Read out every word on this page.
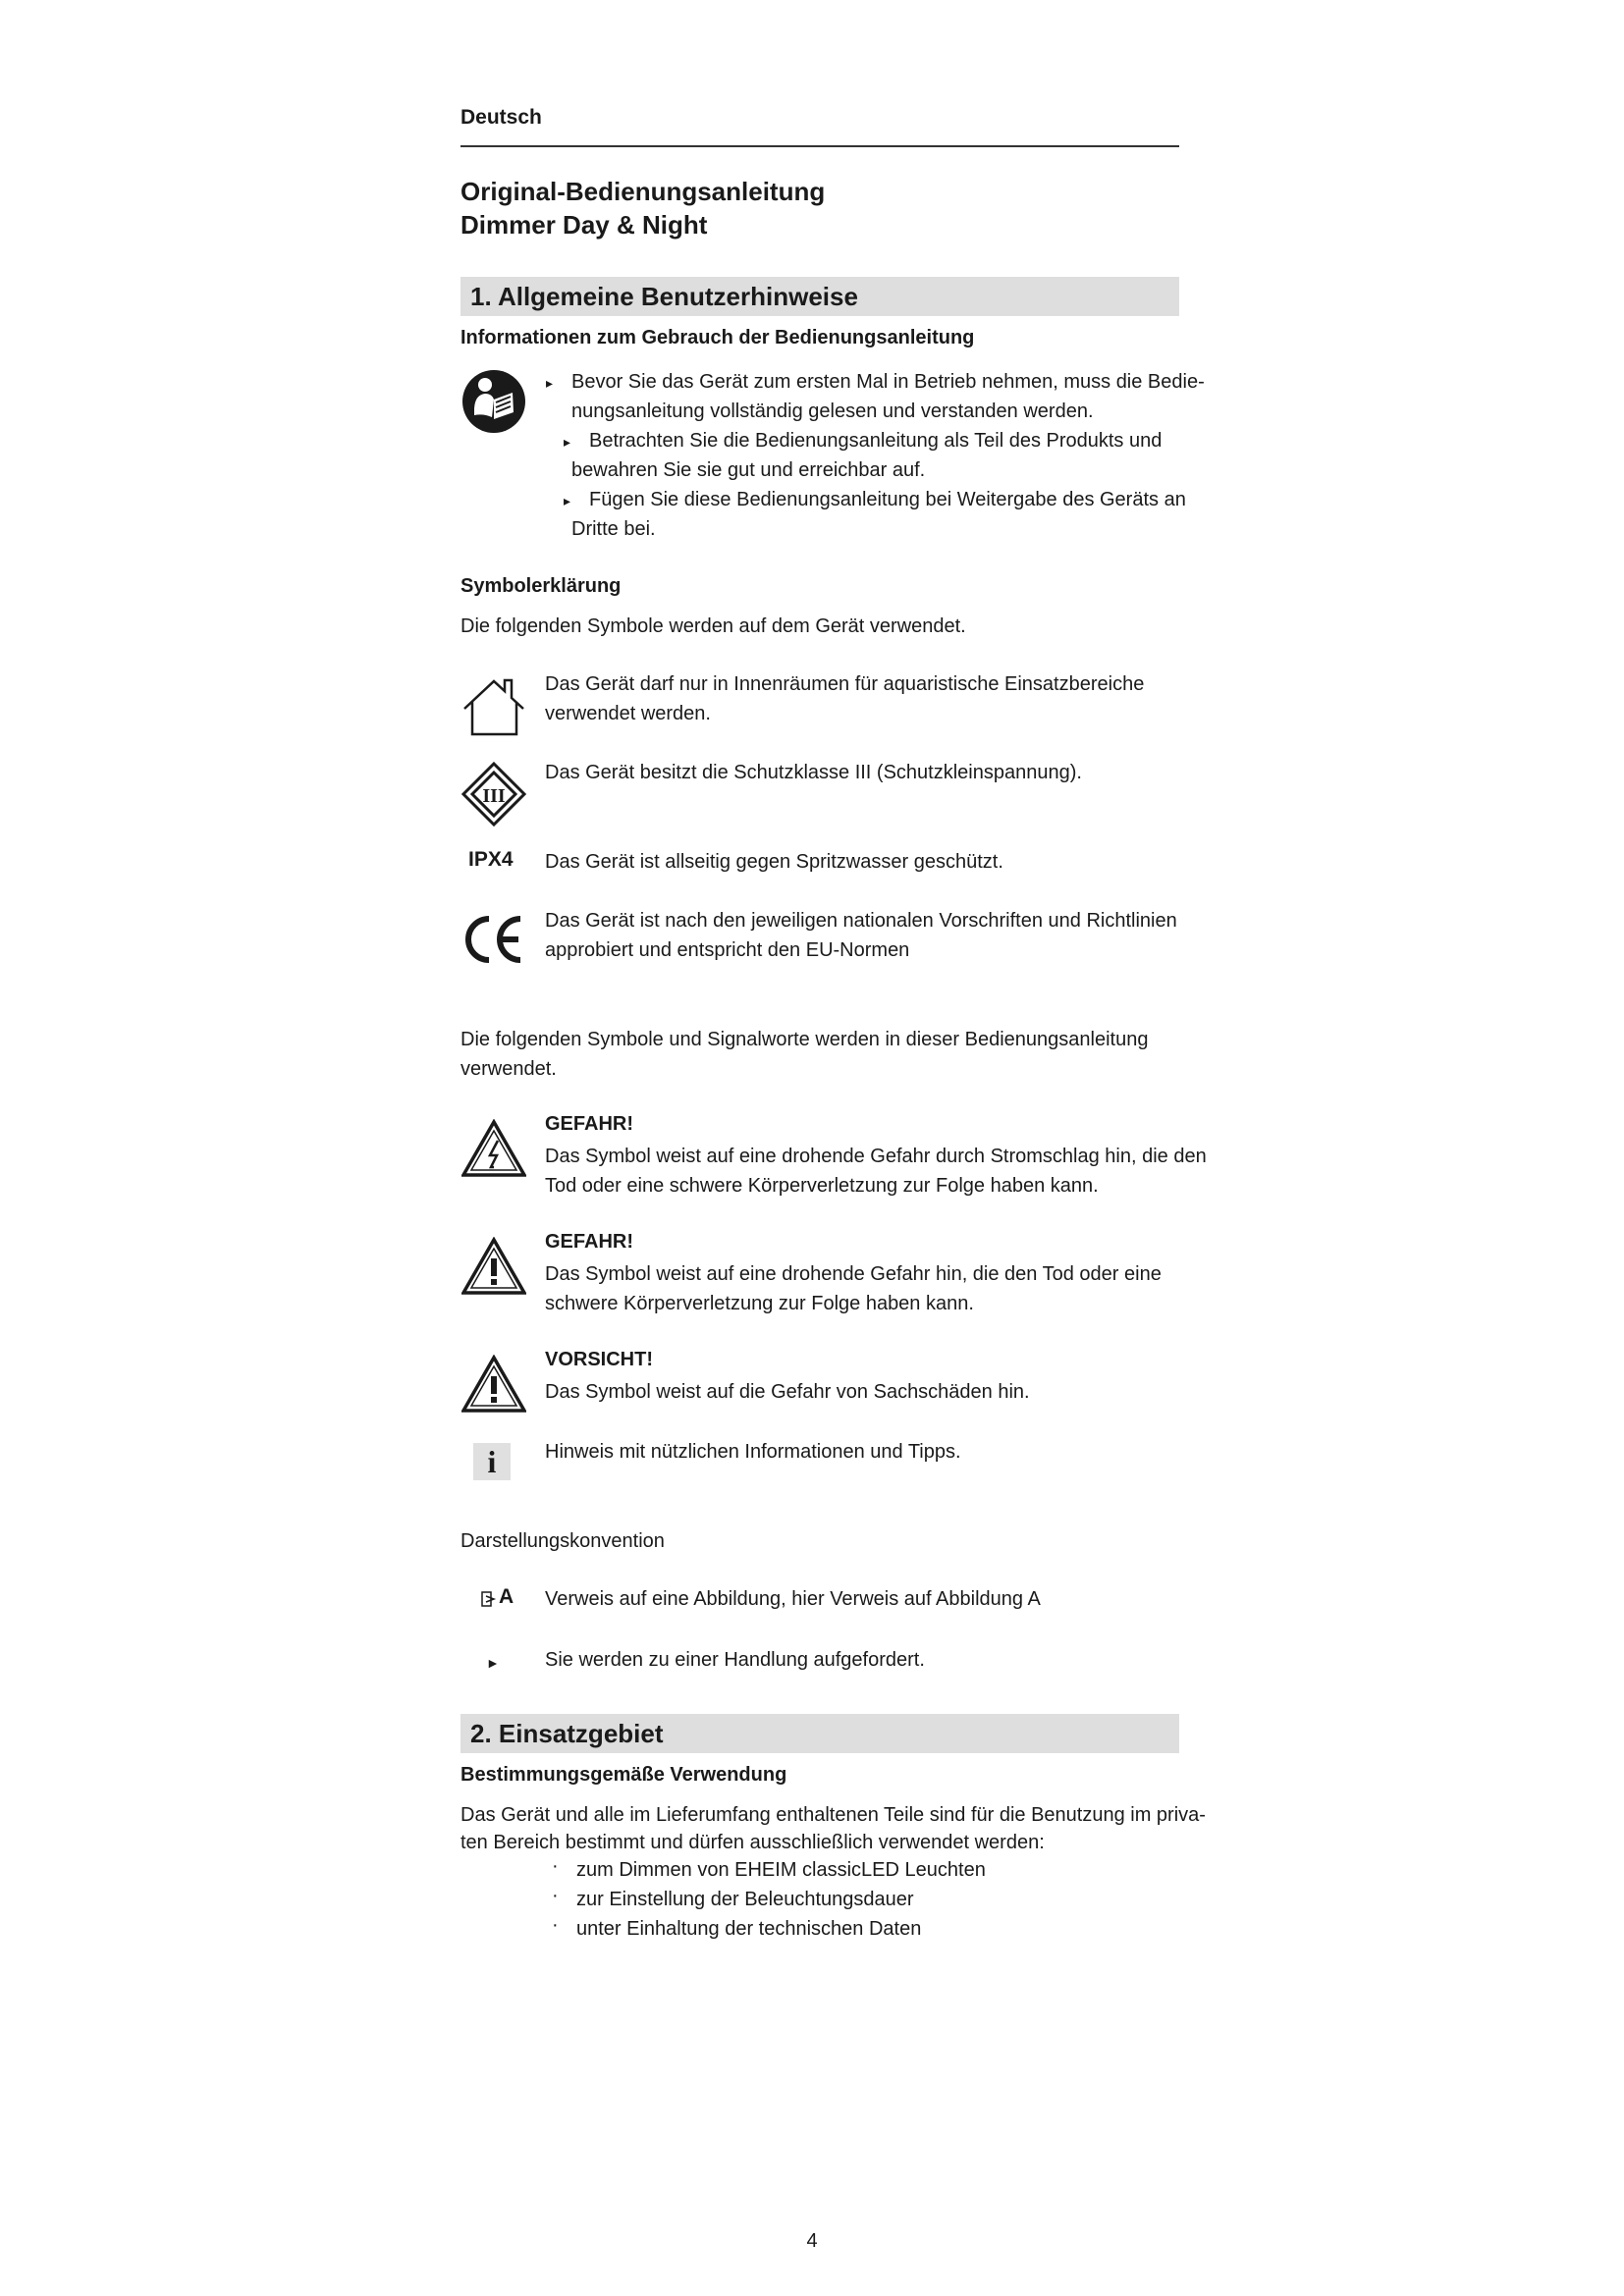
Deutsch
Original-Bedienungsanleitung
Dimmer Day & Night
1. Allgemeine Benutzerhinweise
Informationen zum Gebrauch der Bedienungsanleitung
▸ Bevor Sie das Gerät zum ersten Mal in Betrieb nehmen, muss die Bedie-
nungsanleitung vollständig gelesen und verstanden werden.
▸ Betrachten Sie die Bedienungsanleitung als Teil des Produkts und
bewahren Sie sie gut und erreichbar auf.
▸ Fügen Sie diese Bedienungsanleitung bei Weitergabe des Geräts an
Dritte bei.
Symbolerklärung
Die folgenden Symbole werden auf dem Gerät verwendet.
Das Gerät darf nur in Innenräumen für aquaristische Einsatzbereiche
verwendet werden.
III
Das Gerät besitzt die Schutzklasse III (Schutzkleinspannung).
IPX4 Das Gerät ist allseitig gegen Spritzwasser geschützt.
CE	Das Gerät ist nach den jeweiligen nationalen Vorschriften und Richtlinien
approbiert und entspricht den EU-Normen
Die folgenden Symbole und Signalworte werden in dieser Bedienungsanleitung
verwendet.
GEFAHR!
Das Symbol weist auf eine drohende Gefahr durch Stromschlag hin, die den
Tod oder eine schwere Körperverletzung zur Folge haben kann.
GEFAHR!
Das Symbol weist auf eine drohende Gefahr hin, die den Tod oder eine
schwere Körperverletzung zur Folge haben kann.
VORSICHT!
Das Symbol weist auf die Gefahr von Sachschäden hin.
i	Hinweis mit nützlichen Informationen und Tipps.
Darstellungskonvention
A Verweis auf eine Abbildung, hier Verweis auf Abbildung A
► Sie werden zu einer Handlung aufgefordert.
2. Einsatzgebiet
Bestimmungsgemäße Verwendung
Das Gerät und alle im Lieferumfang enthaltenen Teile sind für die Benutzung im priva-
ten Bereich bestimmt und dürfen ausschließlich verwendet werden:
· zum Dimmen von EHEIM classicLED Leuchten
· zur Einstellung der Beleuchtungsdauer
· unter Einhaltung der technischen Daten
4
